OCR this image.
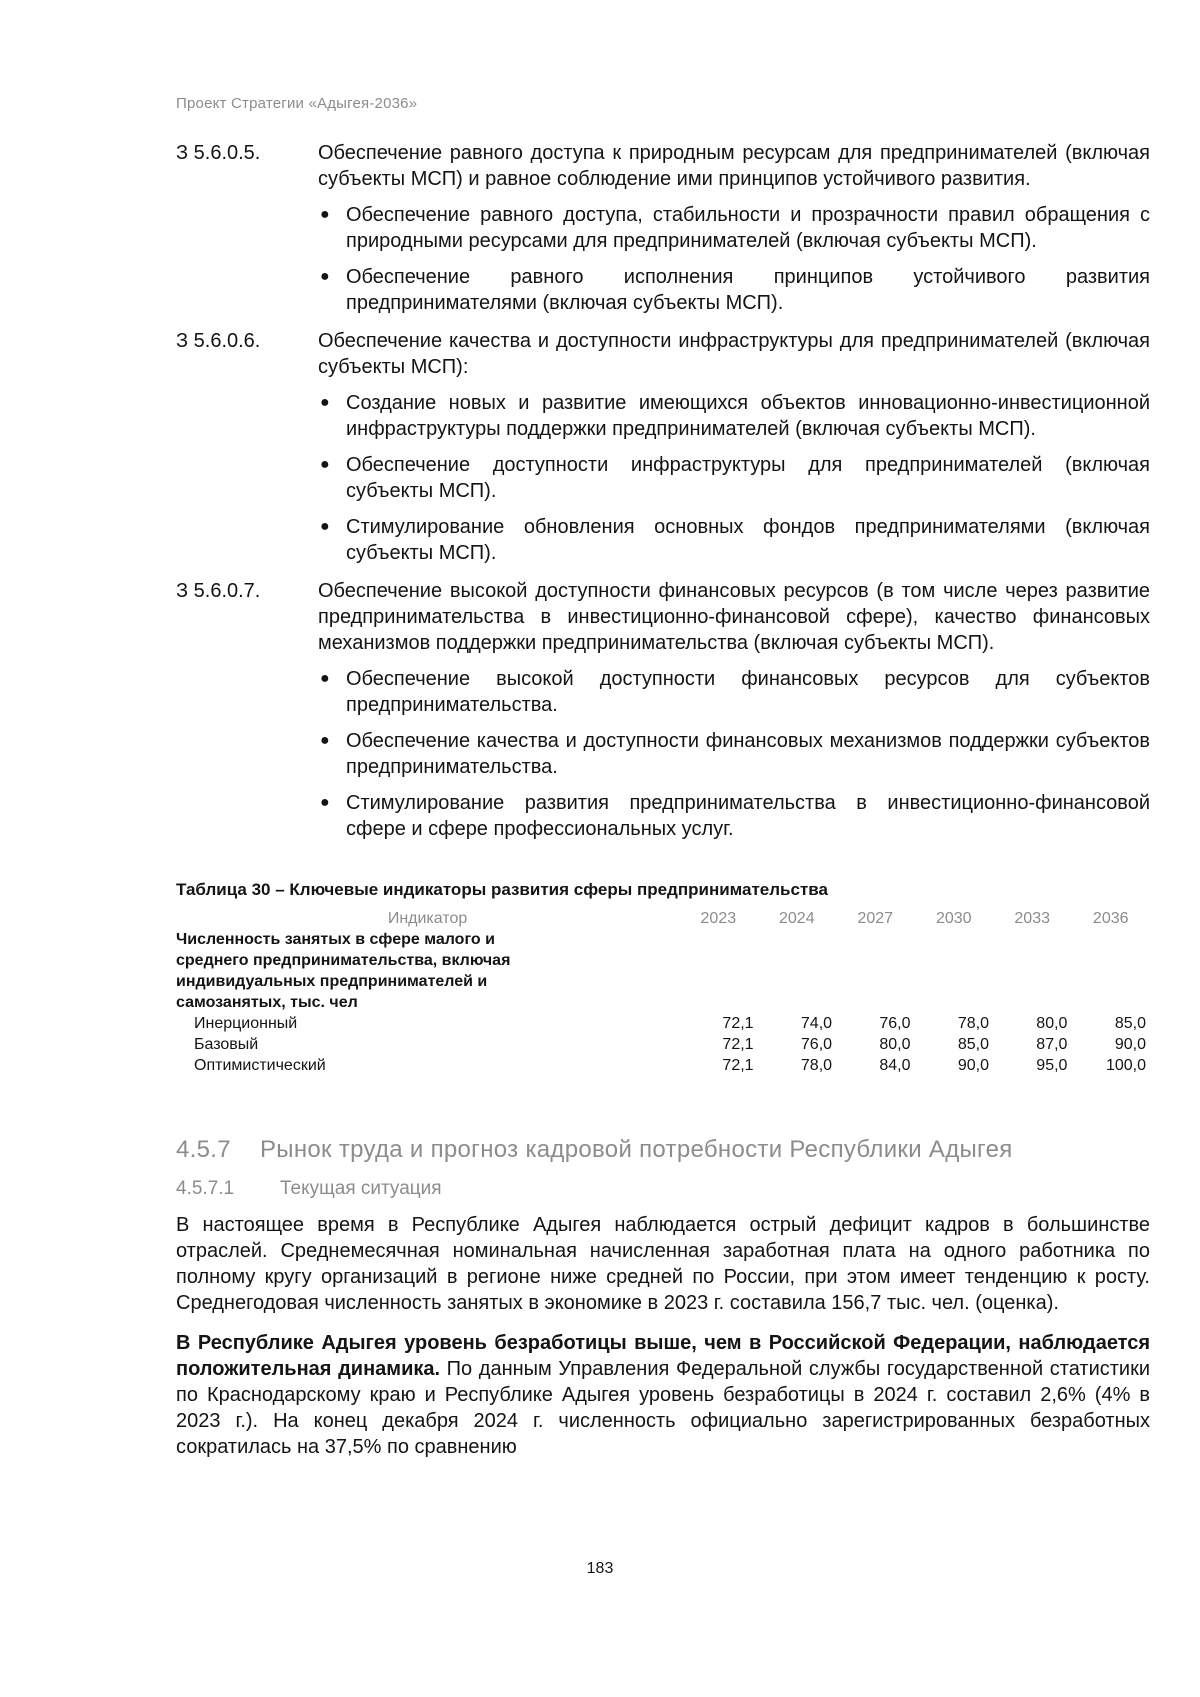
Проект Стратегии «Адыгея-2036»
З 5.6.0.5.	Обеспечение равного доступа к природным ресурсам для предпринимателей (включая субъекты МСП) и равное соблюдение ими принципов устойчивого развития.
● Обеспечение равного доступа, стабильности и прозрачности правил обращения с природными ресурсами для предпринимателей (включая субъекты МСП).
● Обеспечение равного исполнения принципов устойчивого развития предпринимателями (включая субъекты МСП).
З 5.6.0.6.	Обеспечение качества и доступности инфраструктуры для предпринимателей (включая субъекты МСП):
● Создание новых и развитие имеющихся объектов инновационно-инвестиционной инфраструктуры поддержки предпринимателей (включая субъекты МСП).
● Обеспечение доступности инфраструктуры для предпринимателей (включая субъекты МСП).
● Стимулирование обновления основных фондов предпринимателями (включая субъекты МСП).
З 5.6.0.7.	Обеспечение высокой доступности финансовых ресурсов (в том числе через развитие предпринимательства в инвестиционно-финансовой сфере), качество финансовых механизмов поддержки предпринимательства (включая субъекты МСП).
● Обеспечение высокой доступности финансовых ресурсов для субъектов предпринимательства.
● Обеспечение качества и доступности финансовых механизмов поддержки субъектов предпринимательства.
● Стимулирование развития предпринимательства в инвестиционно-финансовой сфере и сфере профессиональных услуг.
Таблица 30 – Ключевые индикаторы развития сферы предпринимательства
Индикатор	2023	2024	2027	2030	2033	2036
Численность занятых в сфере малого и среднего предпринимательства, включая индивидуальных предпринимателей и самозанятых, тыс. чел						
Инерционный	72,1	74,0	76,0	78,0	80,0	85,0
Базовый	72,1	76,0	80,0	85,0	87,0	90,0
Оптимистический	72,1	78,0	84,0	90,0	95,0	100,0
4.5.7	Рынок труда и прогноз кадровой потребности Республики Адыгея
4.5.7.1	Текущая ситуация
В настоящее время в Республике Адыгея наблюдается острый дефицит кадров в большинстве отраслей. Среднемесячная номинальная начисленная заработная плата на одного работника по полному кругу организаций в регионе ниже средней по России, при этом имеет тенденцию к росту. Среднегодовая численность занятых в экономике в 2023 г. составила 156,7 тыс. чел. (оценка).
В Республике Адыгея уровень безработицы выше, чем в Российской Федерации, наблюдается положительная динамика. По данным Управления Федеральной службы государственной статистики по Краснодарскому краю и Республике Адыгея уровень безработицы в 2024 г. составил 2,6% (4% в 2023 г.). На конец декабря 2024 г. численность официально зарегистрированных безработных сократилась на 37,5% по сравнению
183
